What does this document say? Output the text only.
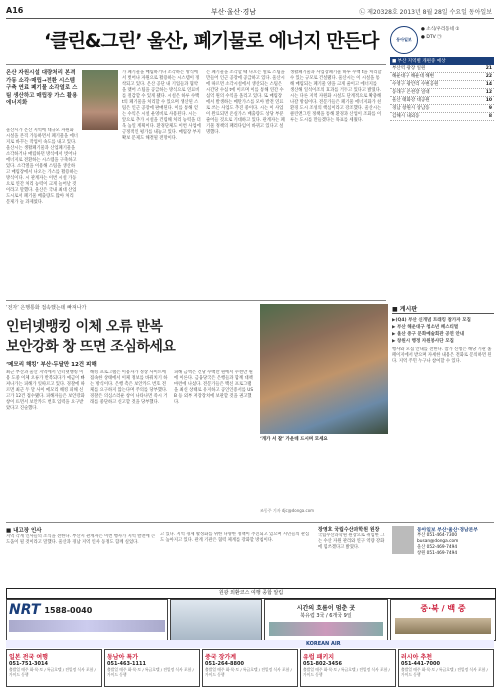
A16	부산·울산·경남	㉡ 제20328호 2013년 8월 28일 수요일 동아일보
‘클린&그린’ 울산, 폐기물로 에너지 만든다
온산 자원시설 대량처리 본격가동 소각·매립→전환 시스템 구축 연료 폐기물 소각열로 스팀 생산하고 매립장 가스 활용 에너지화
울산시가 온산 지역에 대규모 자원화 시설을 본격 가동하면서 폐기물을 에너지로 바꾸는 작업이 속도를 내고 있다. 울산시는 생활폐기물과 산업폐기물을 소각하거나 매립하던 방식에서 벗어나 에너지로 전환하는 시스템을 구축하고 있다. 소각열을 이용해 스팀을 생산하고 매립장에서 나오는 가스를 활용하는 방식이다. 시 관계자는 이번 시설 가동으로 연간 처리 능력이 크게 늘어날 것이라고 말했다. 울산은 국내 최대 산업도시로서 폐기물 배출량도 많아 처리 문제가 늘 과제였다.
가 폐기물을 매립하거나 소각하는 방식에서 벗어나 자원으로 활용하는 시스템이 정착되고 있다. 온산 공단 내 기업들과 협약을 맺어 스팀을 공급하는 방식으로 연료비를 절감할 수 있게 됐다. 시설은 하루 수백 t의 폐기물을 처리할 수 있으며 생산된 스팀은 인근 공장에 판매된다. 이를 통해 얻는 수익은 시설 운영비로 사용된다. 시는 앞으로 추가 시설을 건립해 처리 능력을 더욱 높일 계획이다. 환경단체도 이번 사업에 긍정적인 평가를 내놓고 있다. 매립장 부지 확보 문제도 해결될 전망이다.
는 폐기물을 소각할 때 나오는 열로 스팀을 만들어 인근 공장에 공급하고 있다. 울산시에 따르면 소각시설에서 생산되는 스팀은 시간당 수십 t에 이르며 이를 통해 연간 수십억 원의 수익을 올리고 있다. 또 매립장에서 발생하는 메탄가스를 모아 발전 연료로 쓰는 사업도 추진 중이다. 시는 이 사업이 완료되면 온실가스 배출량도 상당 부분 줄어들 것으로 기대하고 있다. 관계자는 폐기물 정책의 패러다임이 바뀌고 있다고 설명했다.
생활폐기물과 사업장폐기물 하루 수백 t을 처리할 수 있는 규모로 건설됐다. 울산시는 이 시설을 통해 매립되는 폐기물 양을 크게 줄이고 에너지를 생산해 일석이조의 효과를 거두고 있다고 밝혔다. 시는 다른 지역 자원화 시설도 단계적으로 확충해 나갈 방침이다. 전문가들은 폐기물 에너지화가 친환경 도시 조성의 핵심이라고 강조했다. 울산시는 클린앤그린 정책을 통해 환경과 산업이 조화를 이루는 도시를 만들겠다는 목표를 세웠다.
동아일보
● 소식/우리동네 ①
● DTV ㉠
■ 부산 지역별 개편중 예상
부산역 광장 일원	21
해운대구 해운대 해변	22
수영구 광안리 수변공원	14
동래구 온천장 일대	12
울산 태화강 대공원	10
경남 창원시 상남동	9
김해시 내외동	8
‘전자’ 은행통화 접속했는데 빠져나가
인터넷뱅킹 이체 오류 반복
보안강화 창 뜨면 조심하세요
‘메모리 해킹’ 부산·두달만 12건 피해
최근 부산과 울산 지역에서 인터넷뱅킹 이용 도중 이체 오류가 반복되다가 예금이 빠져나가는 피해가 잇따르고 있다. 경찰에 따르면 최근 두 달 사이 메모리 해킹 피해 신고가 12건 접수됐다. 피해자들은 보안강화 창이 뜨면서 보안카드 번호 입력을 요구받았다고 진술했다.
해킹 프로그램은 이용자가 정상 사이트에 접속한 상태에서 이체 정보를 바꿔치기 하는 방식이다. 은행 측은 보안카드 번호 전체를 요구하지 않는다며 주의를 당부했다. 경찰은 의심스러운 창이 나타나면 즉시 거래를 중단하고 신고할 것을 당부했다.
피해 금액은 건당 수백만 원에서 수천만 원에 이른다. 금융당국은 은행들과 함께 대책 마련에 나섰다. 전문가들은 백신 프로그램을 최신 상태로 유지하고 공인인증서를 USB 등 외부 저장장치에 보관할 것을 권고했다.
‘개가 서 잘’ 가운데 드시며 모세요
조동주 기자 djc@donga.com
■ 게시판
▶(Q4) 부산 신개념 트래킹 참가자 모집
▶ 부산 해운대구 청소년 페스티벌
▶ 울산 중구 문화예술회관 공연 안내
▶ 창원시 행정 자원봉사단 모집
행사와 모집 안내를 전한다. 참가 신청은 해당 기관 홈페이지에서 받으며 자세한 내용은 전화로 문의하면 된다. 지역 주민 누구나 참여할 수 있다.
■ 내고장 인사
지역 각계 인사들의 소식을 전한다. 부산시 관계자는 이번 행사가 지역 발전에 큰 도움이 될 것이라고 말했다. 울산과 경남 지역 인사 동정도 함께 실었다.
고 있다. 지역 경제 활성화를 위한 다양한 정책이 추진되고 있으며 시민들의 관심도 높아지고 있다. 관계 기관은 협력 체계를 강화할 방침이다.
장영호 국립수산과학원 원장
국립수산과학원 원장으로 취임한 그는 수산 자원 관리와 연구 역량 강화에 힘쓰겠다고 밝혔다.
동아일보 부산·울산·경남본부
부산 051-464-7300
busan@donga.com
울산 052-469-7494
창원 051-469-7494
원광 외환코스 여행 종합 알림
NRT 1588-0040	시간의 흐름이 멈춘 곳
북유럽 3국 / 6개국 9일
중·북 / 백 중
KOREAN AIR
일본 전국 여행
051-751-3014
출발일 매주 화·목·토 / 특급호텔 / 전일정 식사 포함 / 가이드 동행
동남아 특가
051-463-1111
출발일 매주 화·목·토 / 특급호텔 / 전일정 식사 포함 / 가이드 동행
중국 장가계
051-264-8800
출발일 매주 화·목·토 / 특급호텔 / 전일정 식사 포함 / 가이드 동행
유럽 패키지
051-802-3456
출발일 매주 화·목·토 / 특급호텔 / 전일정 식사 포함 / 가이드 동행
러시아 추천
051-441-7000
출발일 매주 화·목·토 / 특급호텔 / 전일정 식사 포함 / 가이드 동행
